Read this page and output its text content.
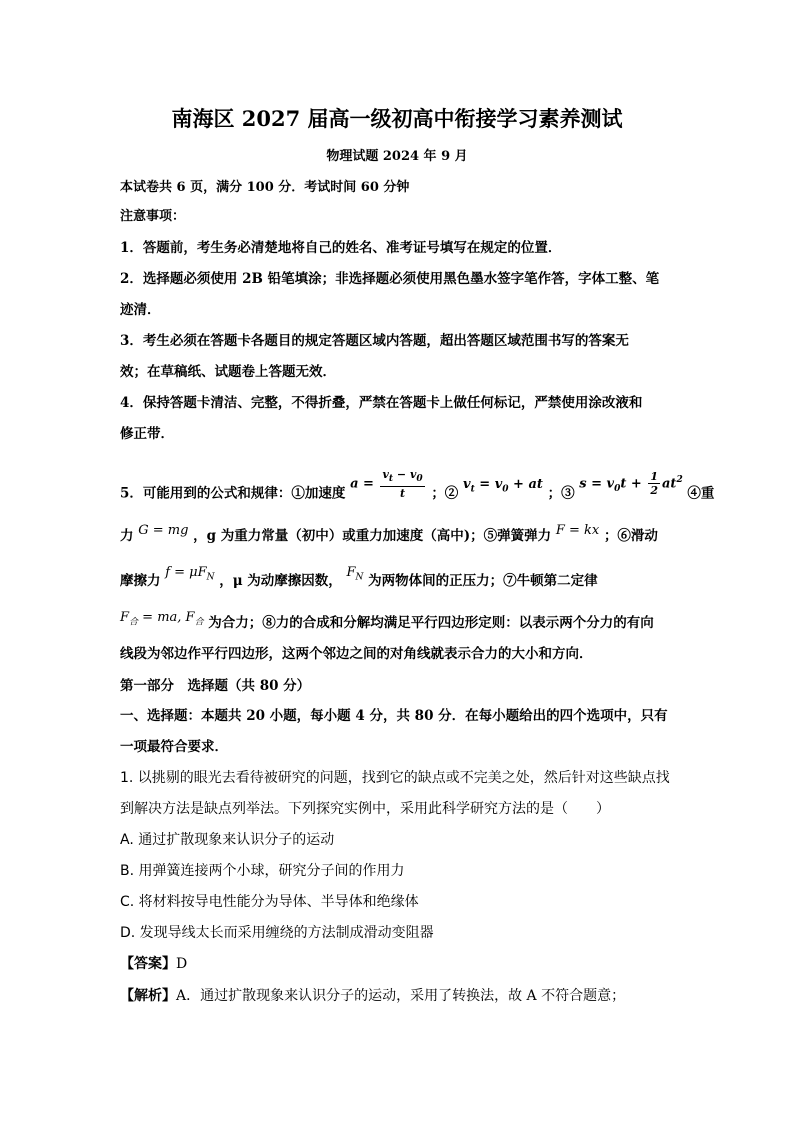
南海区 2027 届高一级初高中衔接学习素养测试
物理试题 2024 年 9 月
本试卷共 6 页，满分 100 分．考试时间 60 分钟
注意事项：
1．答题前，考生务必清楚地将自己的姓名、准考证号填写在规定的位置．
2．选择题必须使用 2B 铅笔填涂；非选择题必须使用黑色墨水签字笔作答，字体工整、笔
迹清．
3．考生必须在答题卡各题目的规定答题区域内答题，超出答题区域范围书写的答案无
效；在草稿纸、试题卷上答题无效．
4．保持答题卡清洁、完整，不得折叠，严禁在答题卡上做任何标记，严禁使用涂改液和
修正带．
5．可能用到的公式和规律：①加速度 $a = \frac{v_t - v_0}{t}$ ；② $v_t = v_0$ + at ；③ $s = v_0t + \frac{1}{2} at^2$ ④重
力 G = mg ，g 为重力常量（初中）或重力加速度（高中)；⑤弹簧弹力 F = kx ；⑥滑动
摩擦力 $f = \mu F_N$ ，μ 为动摩擦因数， $F_N$ 为两物体间的正压力；⑦牛顿第二定律
$F_合$ = ma, $F_合$ 为合力；⑧力的合成和分解均满足平行四边形定则：以表示两个分力的有向
线段为邻边作平行四边形，这两个邻边之间的对角线就表示合力的大小和方向．
第一部分　选择题（共 80 分）
一、选择题：本题共 20 小题，每小题 4 分，共 80 分．在每小题给出的四个选项中，只有
一项最符合要求．
1. 以挑剔的眼光去看待被研究的问题，找到它的缺点或不完美之处，然后针对这些缺点找
到解决方法是缺点列举法。下列探究实例中，采用此科学研究方法的是（　　）
A. 通过扩散现象来认识分子的运动
B. 用弹簧连接两个小球，研究分子间的作用力
C. 将材料按导电性能分为导体、半导体和绝缘体
D. 发现导线太长而采用缠绕的方法制成滑动变阻器
【答案】D
【解析】A．通过扩散现象来认识分子的运动，采用了转换法，故 A 不符合题意；
